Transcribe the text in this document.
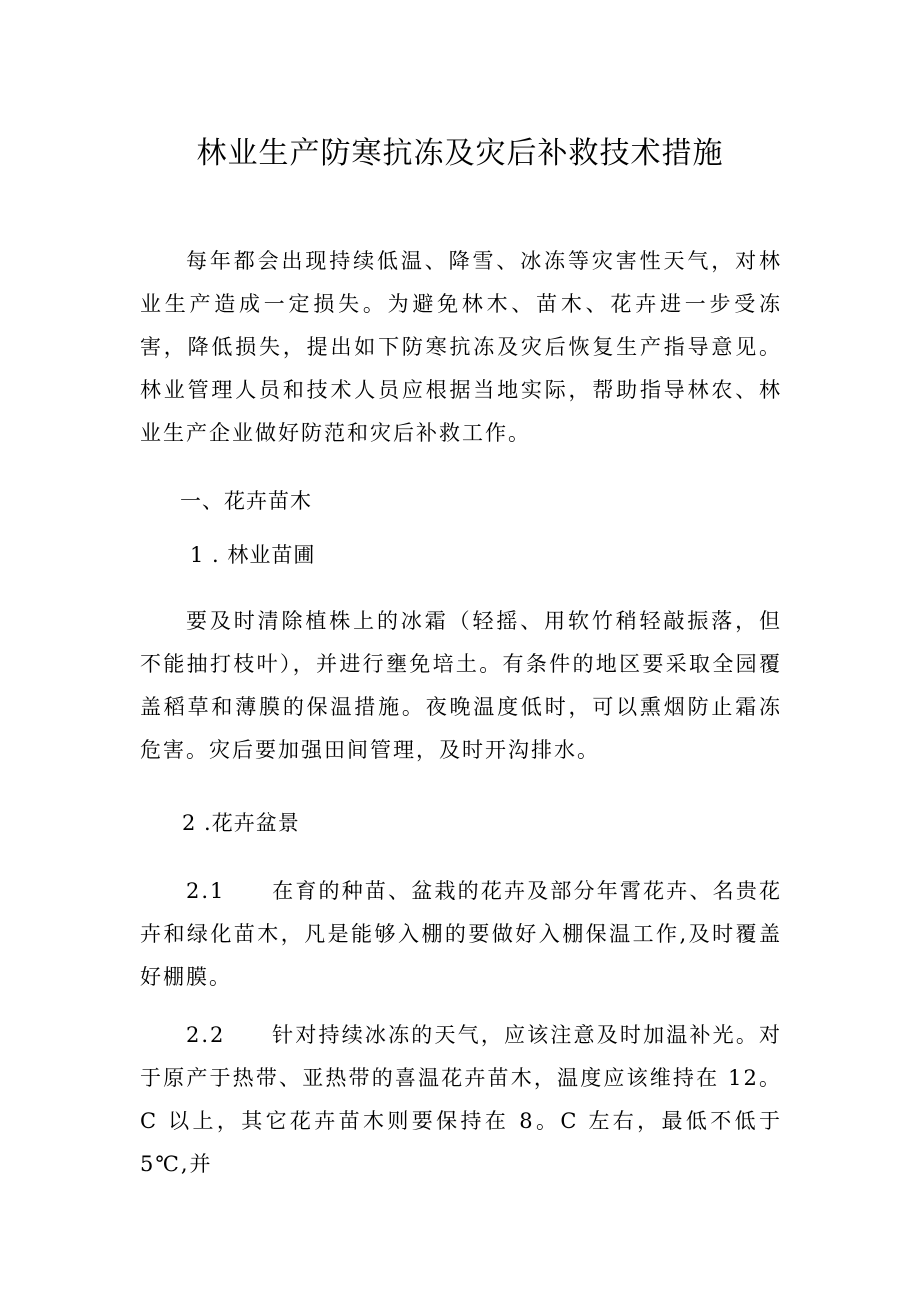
林业生产防寒抗冻及灾后补救技术措施

每年都会出现持续低温、降雪、冰冻等灾害性天气，对林业生产造成一定损失。为避免林木、苗木、花卉进一步受冻害，降低损失，提出如下防寒抗冻及灾后恢复生产指导意见。林业管理人员和技术人员应根据当地实际，帮助指导林农、林业生产企业做好防范和灾后补救工作。

一、花卉苗木

1 . 林业苗圃

要及时清除植株上的冰霜（轻摇、用软竹稍轻敲振落，但不能抽打枝叶），并进行壅免培土。有条件的地区要采取全园覆盖稻草和薄膜的保温措施。夜晚温度低时，可以熏烟防止霜冻危害。灾后要加强田间管理，及时开沟排水。

2 .花卉盆景

2.1 在育的种苗、盆栽的花卉及部分年霄花卉、名贵花卉和绿化苗木，凡是能够入棚的要做好入棚保温工作,及时覆盖好棚膜。

2.2 针对持续冰冻的天气，应该注意及时加温补光。对于原产于热带、亚热带的喜温花卉苗木，温度应该维持在 12。C 以上，其它花卉苗木则要保持在 8。C 左右，最低不低于 5℃,并
